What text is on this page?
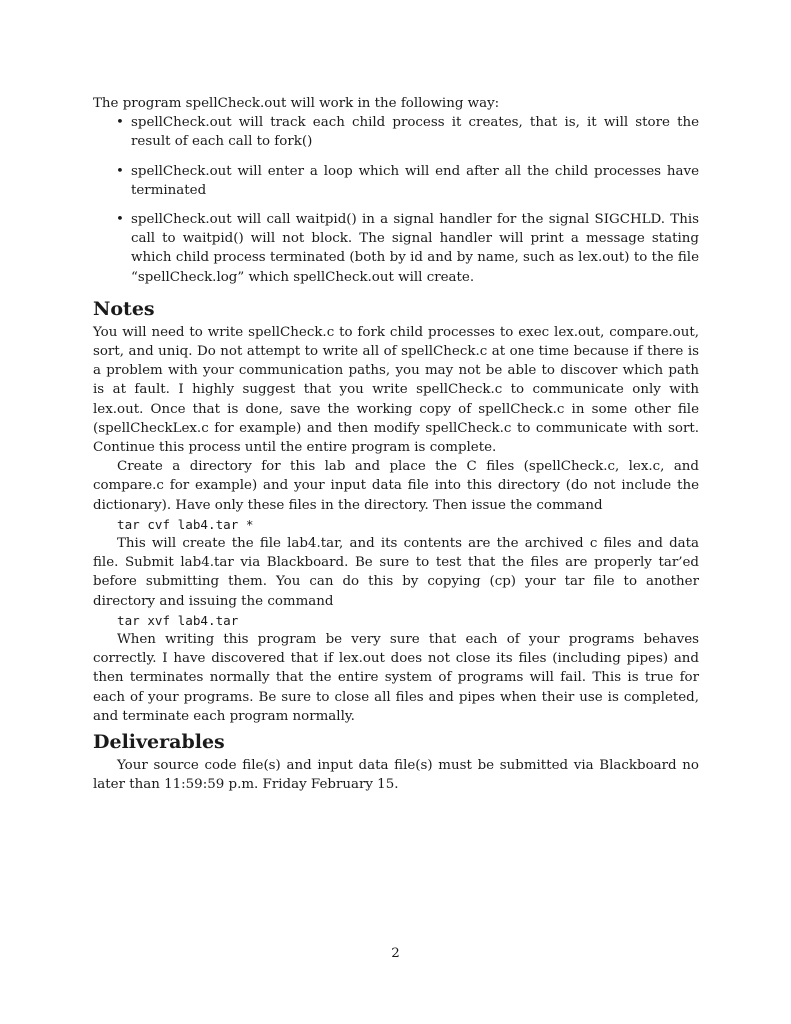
The program spellCheck.out will work in the following way:

• spellCheck.out will track each child process it creates, that is, it will store the result of each call to fork()
• spellCheck.out will enter a loop which will end after all the child processes have terminated
• spellCheck.out will call waitpid() in a signal handler for the signal SIGCHLD. This call to waitpid() will not block. The signal handler will print a message stating which child process terminated (both by id and by name, such as lex.out) to the file “spellCheck.log” which spellCheck.out will create.
Notes

You will need to write spellCheck.c to fork child processes to exec lex.out, compare.out, sort, and uniq. Do not attempt to write all of spellCheck.c at one time because if there is a problem with your communication paths, you may not be able to discover which path is at fault. I highly suggest that you write spellCheck.c to communicate only with lex.out. Once that is done, save the working copy of spellCheck.c in some other file (spellCheckLex.c for example) and then modify spellCheck.c to communicate with sort. Continue this process until the entire program is complete.

Create a directory for this lab and place the C files (spellCheck.c, lex.c, and compare.c for example) and your input data file into this directory (do not include the dictionary). Have only these files in the directory. Then issue the command

tar cvf lab4.tar *

This will create the file lab4.tar, and its contents are the archived c files and data file. Submit lab4.tar via Blackboard. Be sure to test that the files are properly tar’ed before submitting them. You can do this by copying (cp) your tar file to another directory and issuing the command

tar xvf lab4.tar

When writing this program be very sure that each of your programs behaves correctly. I have discovered that if lex.out does not close its files (including pipes) and then terminates normally that the entire system of programs will fail. This is true for each of your programs. Be sure to close all files and pipes when their use is completed, and terminate each program normally.

Deliverables

Your source code file(s) and input data file(s) must be submitted via Blackboard no later than 11:59:59 p.m. Friday February 15.

2
